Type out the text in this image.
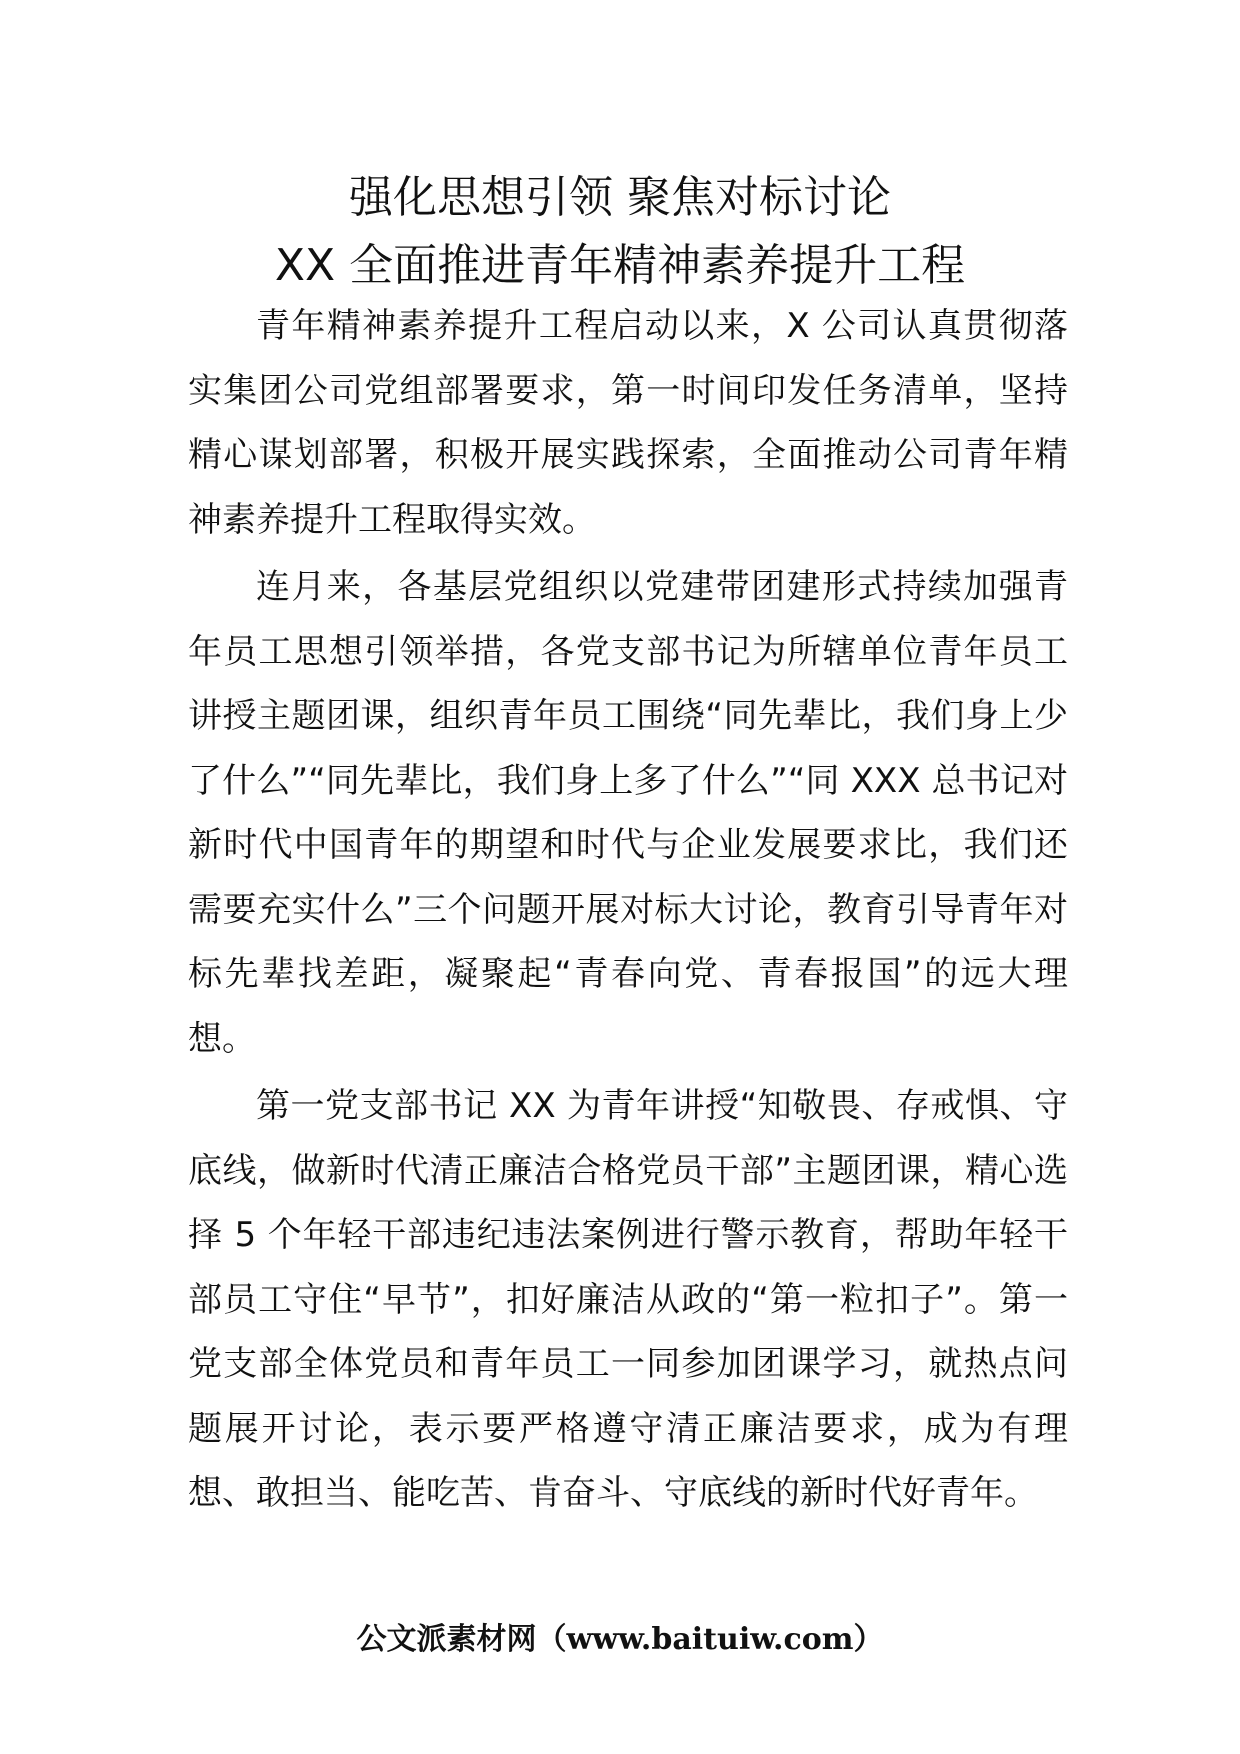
强化思想引领 聚焦对标讨论
XX 全面推进青年精神素养提升工程

青年精神素养提升工程启动以来，X 公司认真贯彻落实集团公司党组部署要求，第一时间印发任务清单，坚持精心谋划部署，积极开展实践探索，全面推动公司青年精神素养提升工程取得实效。

连月来，各基层党组织以党建带团建形式持续加强青年员工思想引领举措，各党支部书记为所辖单位青年员工讲授主题团课，组织青年员工围绕“同先辈比，我们身上少了什么”“同先辈比，我们身上多了什么”“同 XXX 总书记对新时代中国青年的期望和时代与企业发展要求比，我们还需要充实什么”三个问题开展对标大讨论，教育引导青年对标先辈找差距，凝聚起“青春向党、青春报国”的远大理想。

第一党支部书记 XX 为青年讲授“知敬畏、存戒惧、守底线，做新时代清正廉洁合格党员干部”主题团课，精心选择 5 个年轻干部违纪违法案例进行警示教育，帮助年轻干部员工守住“早节”，扣好廉洁从政的“第一粒扣子”。第一党支部全体党员和青年员工一同参加团课学习，就热点问题展开讨论，表示要严格遵守清正廉洁要求，成为有理想、敢担当、能吃苦、肯奋斗、守底线的新时代好青年。

公文派素材网（www.baituiw.com）
